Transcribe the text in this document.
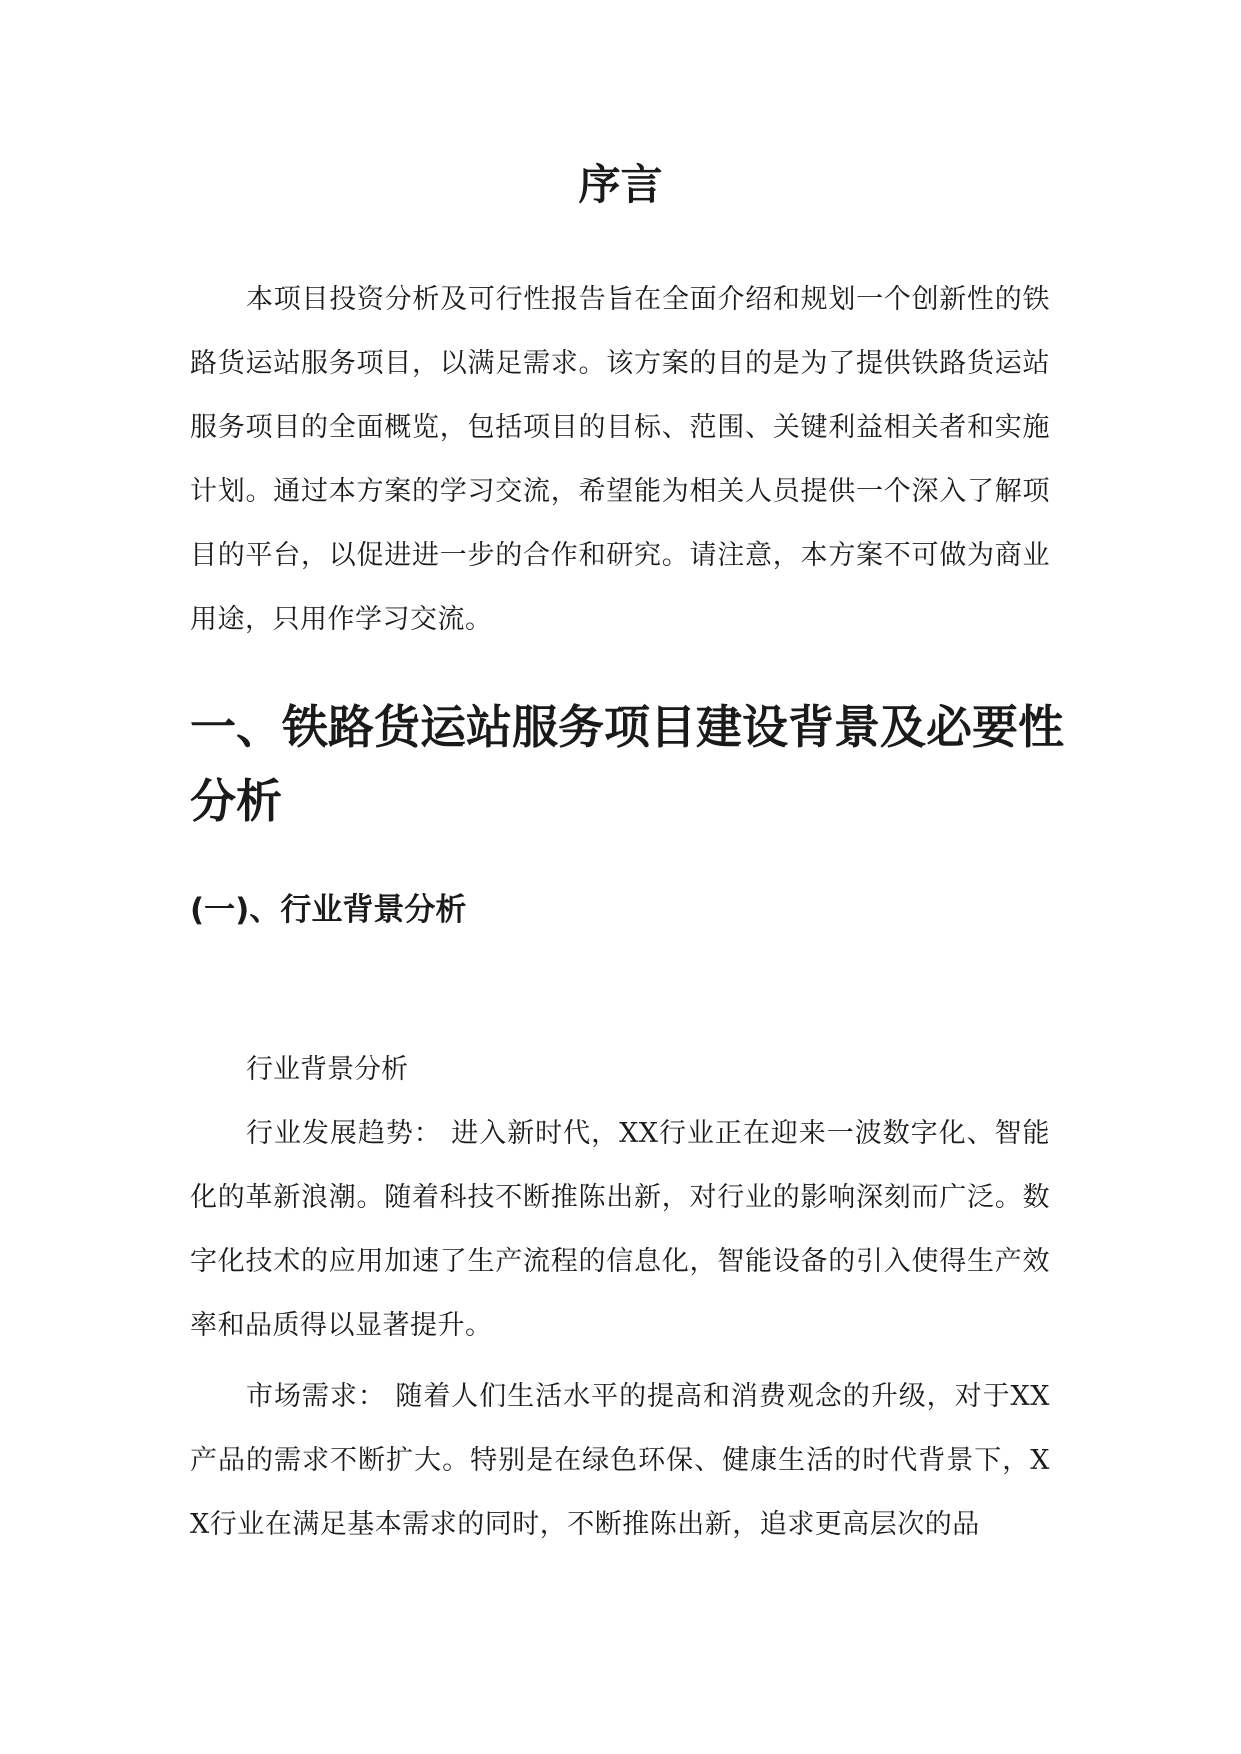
序言

本项目投资分析及可行性报告旨在全面介绍和规划一个创新性的铁路货运站服务项目，以满足需求。该方案的目的是为了提供铁路货运站服务项目的全面概览，包括项目的目标、范围、关键利益相关者和实施计划。通过本方案的学习交流，希望能为相关人员提供一个深入了解项目的平台，以促进进一步的合作和研究。请注意，本方案不可做为商业用途，只用作学习交流。

一、铁路货运站服务项目建设背景及必要性分析
(一)、行业背景分析

行业背景分析

行业发展趋势： 进入新时代，XX行业正在迎来一波数字化、智能化的革新浪潮。随着科技不断推陈出新，对行业的影响深刻而广泛。数字化技术的应用加速了生产流程的信息化，智能设备的引入使得生产效率和品质得以显著提升。

市场需求： 随着人们生活水平的提高和消费观念的升级，对于XX产品的需求不断扩大。特别是在绿色环保、健康生活的时代背景下，XX行业在满足基本需求的同时，不断推陈出新，追求更高层次的品
